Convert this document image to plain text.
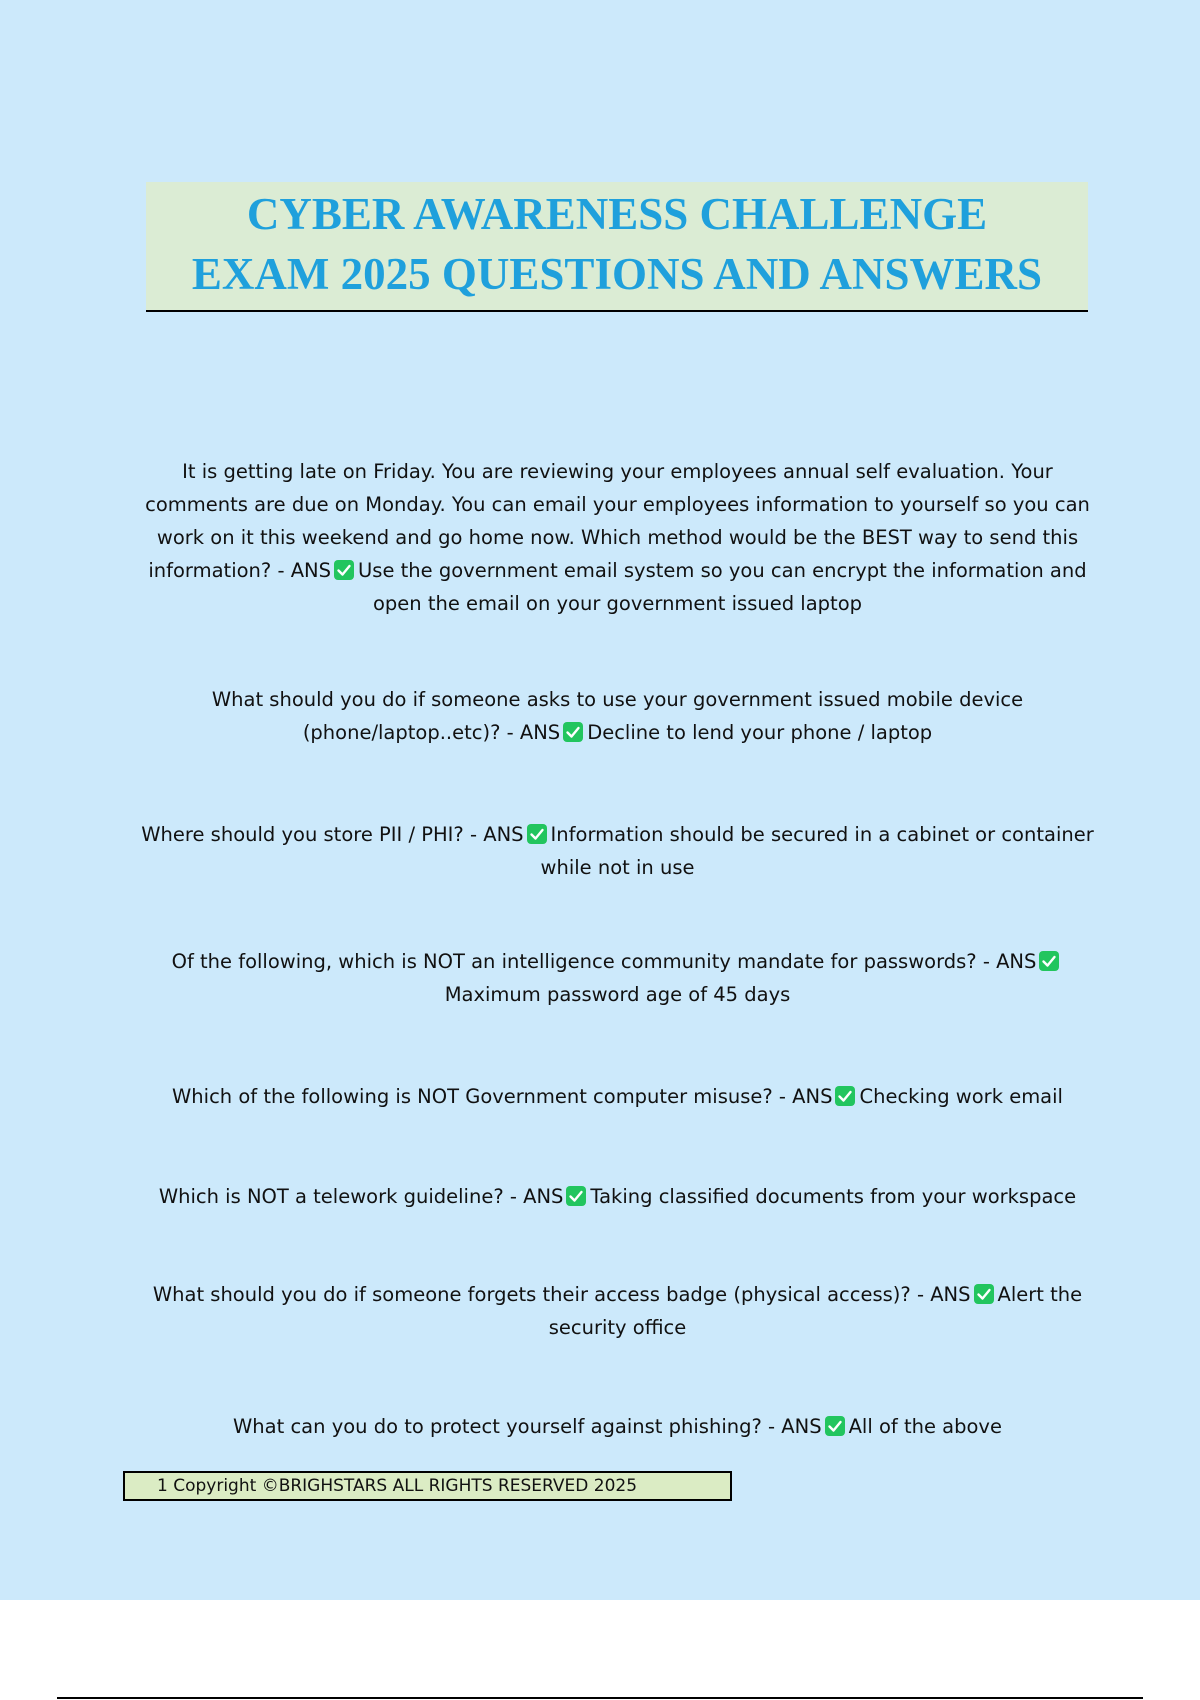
CYBER AWARENESS CHALLENGE
EXAM 2025 QUESTIONS AND ANSWERS
It is getting late on Friday. You are reviewing your employees annual self evaluation. Your comments are due on Monday. You can email your employees information to yourself so you can work on it this weekend and go home now. Which method would be the BEST way to send this information? - ANS Use the government email system so you can encrypt the information and open the email on your government issued laptop
What should you do if someone asks to use your government issued mobile device (phone/laptop..etc)? - ANS Decline to lend your phone / laptop
Where should you store PII / PHI? - ANS Information should be secured in a cabinet or container while not in use
Of the following, which is NOT an intelligence community mandate for passwords? - ANS
Maximum password age of 45 days
Which of the following is NOT Government computer misuse? - ANS Checking work email
Which is NOT a telework guideline? - ANS Taking classified documents from your workspace
What should you do if someone forgets their access badge (physical access)? - ANS Alert the security office
What can you do to protect yourself against phishing? - ANS All of the above
1 Copyright ©BRIGHSTARS ALL RIGHTS RESERVED 2025
